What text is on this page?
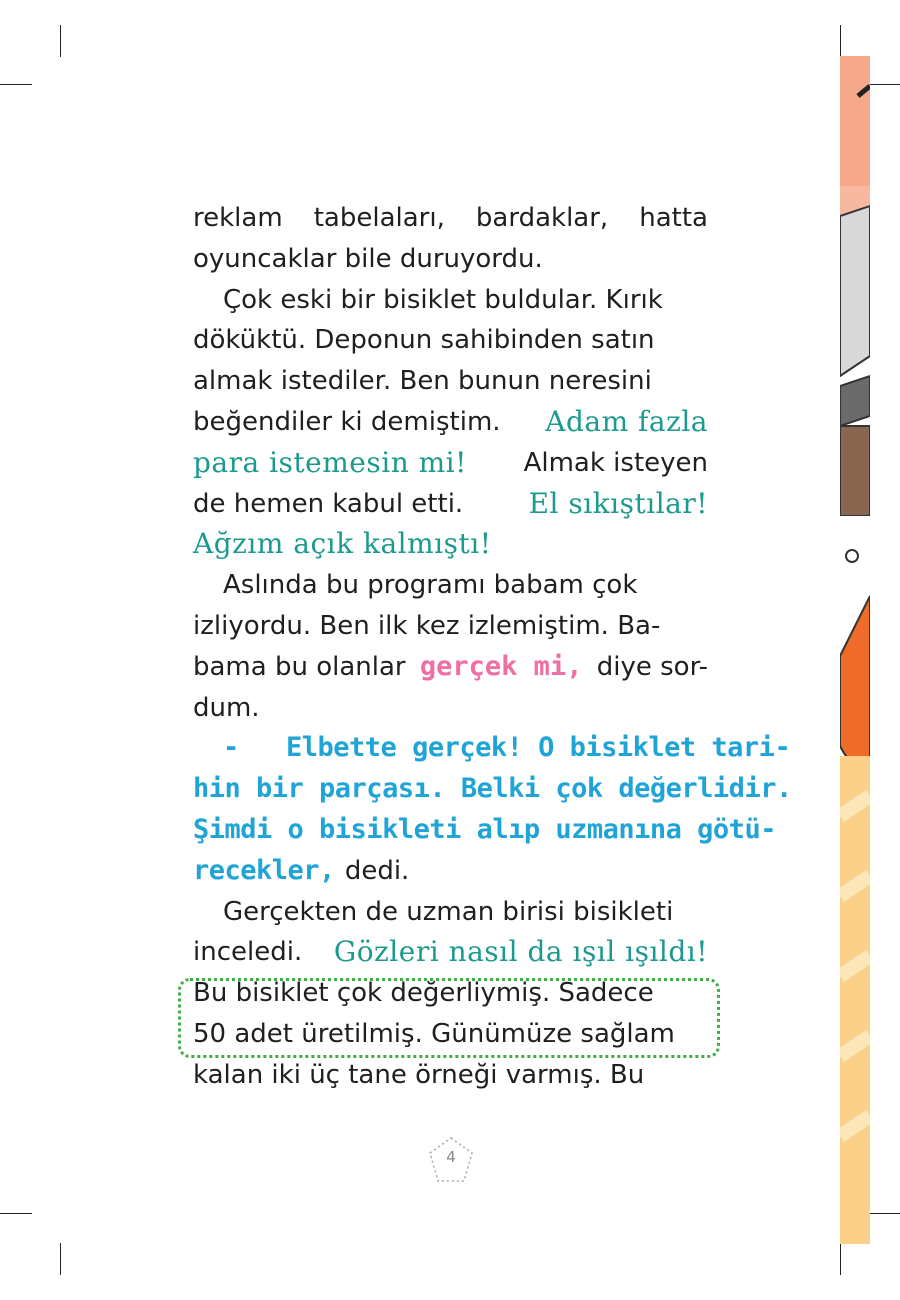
reklam tabelaları, bardaklar, hatta
oyuncaklar bile duruyordu.
Çok eski bir bisiklet buldular. Kırık
döküktü. Deponun sahibinden satın
almak istediler. Ben bunun neresini
beğendiler ki demiştim. Adam fazla
para istemesin mi! Almak isteyen
de hemen kabul etti. El sıkıştılar!
Ağzım açık kalmıştı!
Aslında bu programı babam çok
izliyordu. Ben ilk kez izlemiştim. Ba-
bama bu olanlar gerçek mi, diye sor-
dum.
-   Elbette gerçek! O bisiklet tari-
hin bir parçası. Belki çok değerlidir.
Şimdi o bisikleti alıp uzmanına götü-
recekler, dedi.
Gerçekten de uzman birisi bisikleti
inceledi. Gözleri nasıl da ışıl ışıldı!
Bu bisiklet çok değerliymiş. Sadece
50 adet üretilmiş. Günümüze sağlam
kalan iki üç tane örneği varmış. Bu
4
